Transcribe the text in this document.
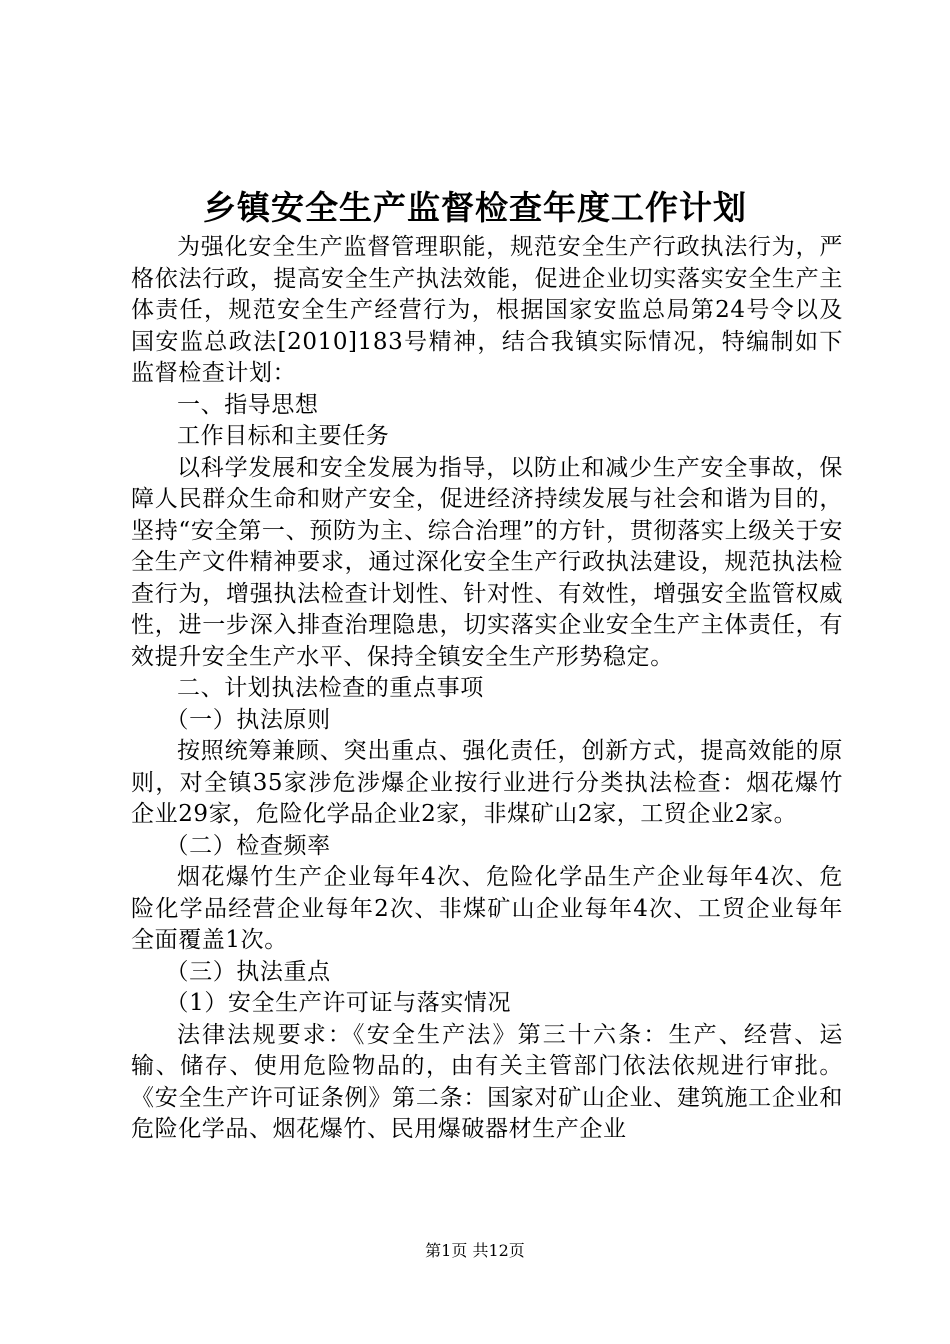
乡镇安全生产监督检查年度工作计划

为强化安全生产监督管理职能，规范安全生产行政执法行为，严格依法行政，提高安全生产执法效能，促进企业切实落实安全生产主体责任，规范安全生产经营行为，根据国家安监总局第24号令以及国安监总政法[2010]183号精神，结合我镇实际情况，特编制如下监督检查计划：

一、指导思想

工作目标和主要任务

以科学发展和安全发展为指导，以防止和减少生产安全事故，保障人民群众生命和财产安全，促进经济持续发展与社会和谐为目的，坚持“安全第一、预防为主、综合治理”的方针，贯彻落实上级关于安全生产文件精神要求，通过深化安全生产行政执法建设，规范执法检查行为，增强执法检查计划性、针对性、有效性，增强安全监管权威性，进一步深入排查治理隐患，切实落实企业安全生产主体责任，有效提升安全生产水平、保持全镇安全生产形势稳定。

二、计划执法检查的重点事项

（一）执法原则

按照统筹兼顾、突出重点、强化责任，创新方式，提高效能的原则，对全镇35家涉危涉爆企业按行业进行分类执法检查：烟花爆竹企业29家，危险化学品企业2家，非煤矿山2家，工贸企业2家。

（二）检查频率

烟花爆竹生产企业每年4次、危险化学品生产企业每年4次、危险化学品经营企业每年2次、非煤矿山企业每年4次、工贸企业每年全面覆盖1次。

（三）执法重点

（1）安全生产许可证与落实情况

法律法规要求：《安全生产法》第三十六条：生产、经营、运输、储存、使用危险物品的，由有关主管部门依法依规进行审批。《安全生产许可证条例》第二条：国家对矿山企业、建筑施工企业和危险化学品、烟花爆竹、民用爆破器材生产企业

第1页 共12页
